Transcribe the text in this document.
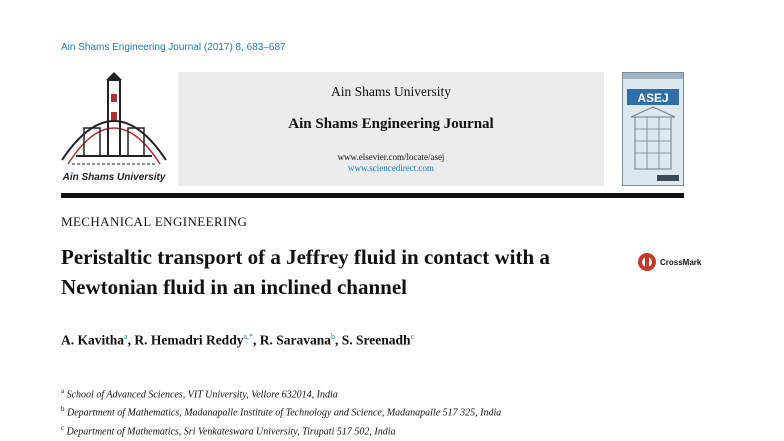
Ain Shams Engineering Journal (2017) 8, 683–687
Ain Shams University
Ain Shams University
Ain Shams Engineering Journal
www.elsevier.com/locate/asej
www.sciencedirect.com
ASEJ
MECHANICAL ENGINEERING
Peristaltic transport of a Jeffrey fluid in contact with a Newtonian fluid in an inclined channel
CrossMark
A. Kavitha$^a$, R. Hemadri Reddy$^{a,*}$, R. Saravana$^b$, S. Sreenadh$^c$
$^a$ School of Advanced Sciences, VIT University, Vellore 632014, India
$^b$ Department of Mathematics, Madanapalle Institute of Technology and Science, Madanapalle 517 325, India
$^c$ Department of Mathematics, Sri Venkateswara University, Tirupati 517 502, India
